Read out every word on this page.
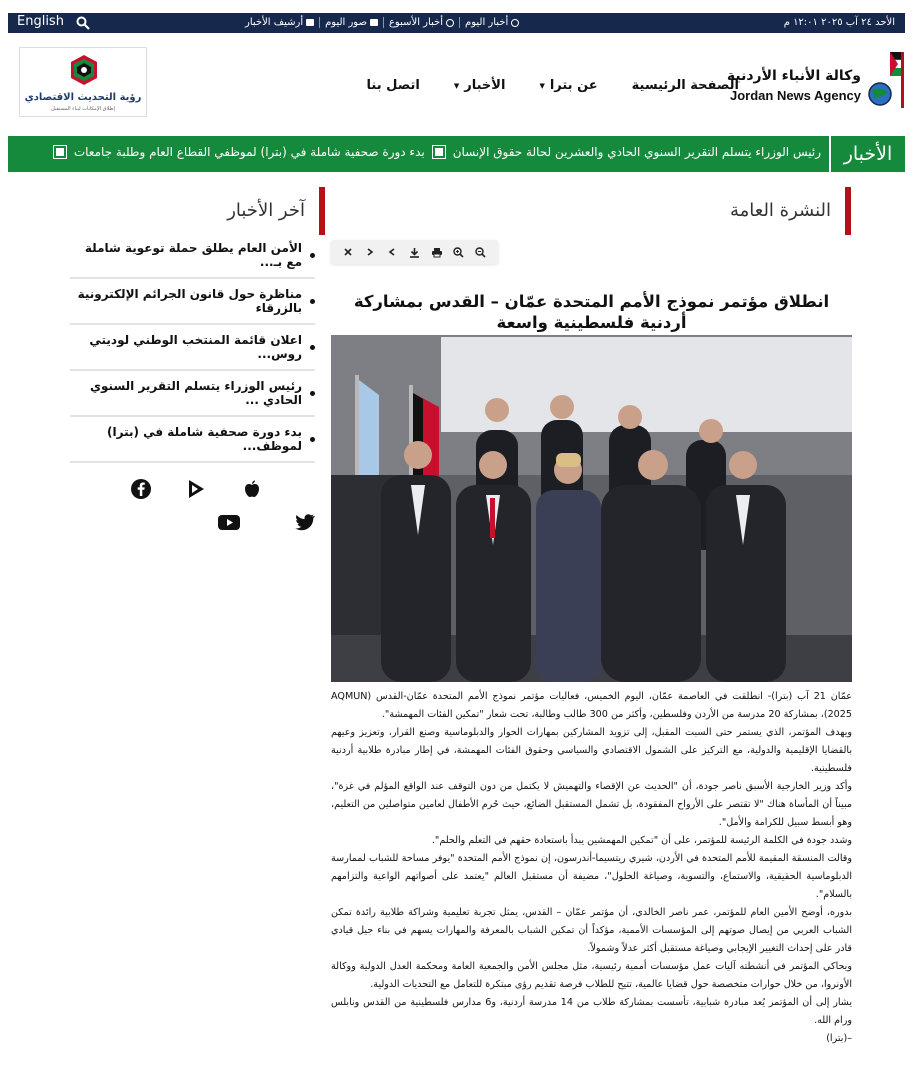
الأحد ٢٤ آب ٢٠٢٥ ١٢:٠١ م
أخبار اليوم
أخبار الأسبوع
صور اليوم
أرشيف الأخبار
English
وكالة الأنباء الأردنية
Jordan News Agency
الصفحة الرئيسية
عن بترا
▼
الأخبار
▼
اتصل بنا
رؤية التحديث الاقتصادي
إطلاق الإمكانات لبناء المستقبل
الأخبار
رئيس الوزراء يتسلم التقرير السنوي الحادي والعشرين لحالة حقوق الإنسان
بدء دورة صحفية شاملة في (بترا) لموظفي القطاع العام وطلبة جامعات
النشرة العامة
آخر الأخبار
الأمن العام يطلق حملة توعوية شاملة مع بـ...
مناظرة حول قانون الجرائم الإلكترونية بالزرقاء
اعلان قائمة المنتخب الوطني لوديتي روس...
رئيس الوزراء يتسلم التقرير السنوي الحادي ...
بدء دورة صحفية شاملة في (بترا) لموظف...
انطلاق مؤتمر نموذج الأمم المتحدة عمّان – القدس بمشاركة أردنية فلسطينية واسعة

عمّان 21 آب (بترا)- انطلقت في العاصمة عمّان، اليوم الخميس، فعاليات مؤتمر نموذج الأمم المتحدة عمّان-القدس (AQMUN 2025)، بمشاركة 20 مدرسة من الأردن وفلسطين، وأكثر من 300 طالب وطالبة، تحت شعار "تمكين الفئات المهمشة".

ويهدف المؤتمر، الذي يستمر حتى السبت المقبل، إلى تزويد المشاركين بمهارات الحوار والدبلوماسية وصنع القرار، وتعزيز وعيهم بالقضايا الإقليمية والدولية، مع التركيز على الشمول الاقتصادي والسياسي وحقوق الفئات المهمشة، في إطار مبادرة طلابية أردنية فلسطينية.

وأكد وزير الخارجية الأسبق ناصر جودة، أن "الحديث عن الإقصاء والتهميش لا يكتمل من دون التوقف عند الواقع المؤلم في غزة"، مبيناً أن المأساة هناك "لا تقتصر على الأرواح المفقودة، بل تشمل المستقبل الضائع، حيث حُرم الأطفال لعامين متواصلين من التعليم، وهو أبسط سبيل للكرامة والأمل".

وشدد جودة في الكلمة الرئيسة للمؤتمر، على أن "تمكين المهمشين يبدأ باستعادة حقهم في التعلم والحلم".

وقالت المنسقة المقيمة للأمم المتحدة في الأردن، شيري ريتسيما-أندرسون، إن نموذج الأمم المتحدة "يوفر مساحة للشباب لممارسة الدبلوماسية الحقيقية، والاستماع، والتسوية، وصياغة الحلول"، مضيفة أن مستقبل العالم "يعتمد على أصواتهم الواعية والتزامهم بالسلام".

بدوره، أوضح الأمين العام للمؤتمر، عمر ناصر الخالدي، أن مؤتمر عمّان – القدس، يمثل تجربة تعليمية وشراكة طلابية رائدة تمكن الشباب العربي من إيصال صوتهم إلى المؤسسات الأممية، مؤكداً أن تمكين الشباب بالمعرفة والمهارات يسهم في بناء جيل قيادي قادر على إحداث التغيير الإيجابي وصياغة مستقبل أكثر عدلاً وشمولاً.

ويحاكي المؤتمر في أنشطته آليات عمل مؤسسات أممية رئيسية، مثل مجلس الأمن والجمعية العامة ومحكمة العدل الدولية ووكالة الأونروا، من خلال حوارات متخصصة حول قضايا عالمية، تتيح للطلاب فرصة تقديم رؤى مبتكرة للتعامل مع التحديات الدولية.

يشار إلى أن المؤتمر يُعد مبادرة شبابية، تأسست بمشاركة طلاب من 14 مدرسة أردنية، و6 مدارس فلسطينية من القدس ونابلس ورام الله.

–(بترا)
